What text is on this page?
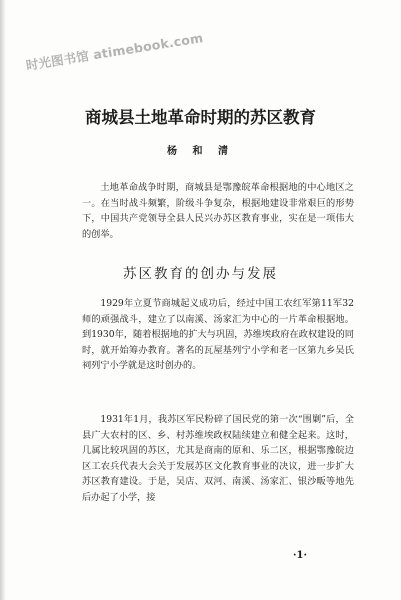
时光图书馆 atimebook.com
商城县土地革命时期的苏区教育
杨 和 清

土地革命战争时期，商城县是鄂豫皖革命根据地的中心地区之一。在当时战斗频繁，阶级斗争复杂，根据地建设非常艰巨的形势下，中国共产党领导全县人民兴办苏区教育事业，实在是一项伟大的创举。

苏区教育的创办与发展

1929年立夏节商城起义成功后，经过中国工农红军第11军32师的顽强战斗，建立了以南溪、汤家汇为中心的一片革命根据地。到1930年，随着根据地的扩大与巩固，苏维埃政府在政权建设的同时，就开始筹办教育。著名的瓦屋基列宁小学和老一区第九乡吴氏祠列宁小学就是这时创办的。

1931年1月，我苏区军民粉碎了国民党的第一次“围剿”后，全县广大农村的区、乡、村苏维埃政权陆续建立和健全起来。这时，几属比较巩固的苏区，尤其是商南的原和、乐二区，根据鄂豫皖边区工农兵代表大会关于发展苏区文化教育事业的决议，进一步扩大苏区教育建设。于是，吴店、双河、南溪、汤家汇、银沙畈等地先后办起了小学，接

·1·
